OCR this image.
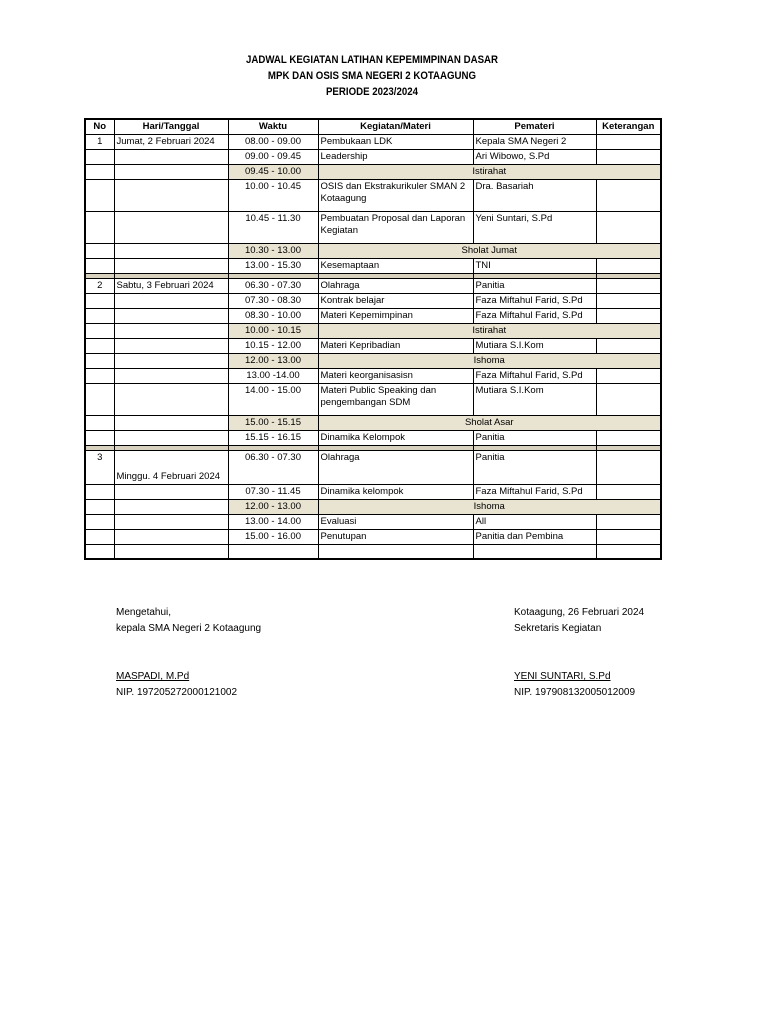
JADWAL KEGIATAN LATIHAN KEPEMIMPINAN DASAR
MPK DAN OSIS SMA NEGERI 2 KOTAAGUNG
PERIODE 2023/2024
No	Hari/Tanggal	Waktu	Kegiatan/Materi	Pemateri	Keterangan
1	Jumat, 2 Februari 2024	08.00 - 09.00	Pembukaan LDK	Kepala SMA Negeri 2	
		09.00 - 09.45	Leadership	Ari Wibowo, S.Pd	
		09.45 - 10.00	Istirahat		
		10.00 - 10.45	OSIS dan Ekstrakurikuler SMAN 2 Kotaagung	Dra. Basariah	
		10.45 - 11.30	Pembuatan Proposal dan Laporan Kegiatan	Yeni Suntari, S.Pd	
		10.30 - 13.00	Sholat Jumat		
		13.00 - 15.30	Kesemaptaan	TNI	

2	Sabtu, 3 Februari 2024	06.30 - 07.30	Olahraga	Panitia	
		07.30 - 08.30	Kontrak belajar	Faza Miftahul Farid, S.Pd	
		08.30 - 10.00	Materi Kepemimpinan	Faza Miftahul Farid, S.Pd	
		10.00 - 10.15	Istirahat		
		10.15 - 12.00	Materi Kepribadian	Mutiara S.I.Kom	
		12.00 - 13.00	Ishoma		
		13.00 -14.00	Materi keorganisasisn	Faza Miftahul Farid, S.Pd	
		14.00 - 15.00	Materi Public Speaking dan pengembangan SDM	Mutiara S.I.Kom	
		15.00 - 15.15	Sholat Asar		
		15.15 - 16.15	Dinamika Kelompok	Panitia	

3	Minggu. 4 Februari 2024	06.30 - 07.30	Olahraga	Panitia	
		07.30 - 11.45	Dinamika kelompok	Faza Miftahul Farid, S.Pd	
		12.00 - 13.00	Ishoma		
		13.00 - 14.00	Evaluasi	All	
		15.00 - 16.00	Penutupan	Panitia dan Pembina	

Mengetahui,
kepala SMA Negeri 2 Kotaagung
MASPADI, M.Pd
NIP. 197205272000121002
Kotaagung, 26 Februari 2024
Sekretaris Kegiatan
YENI SUNTARI, S.Pd
NIP. 197908132005012009
